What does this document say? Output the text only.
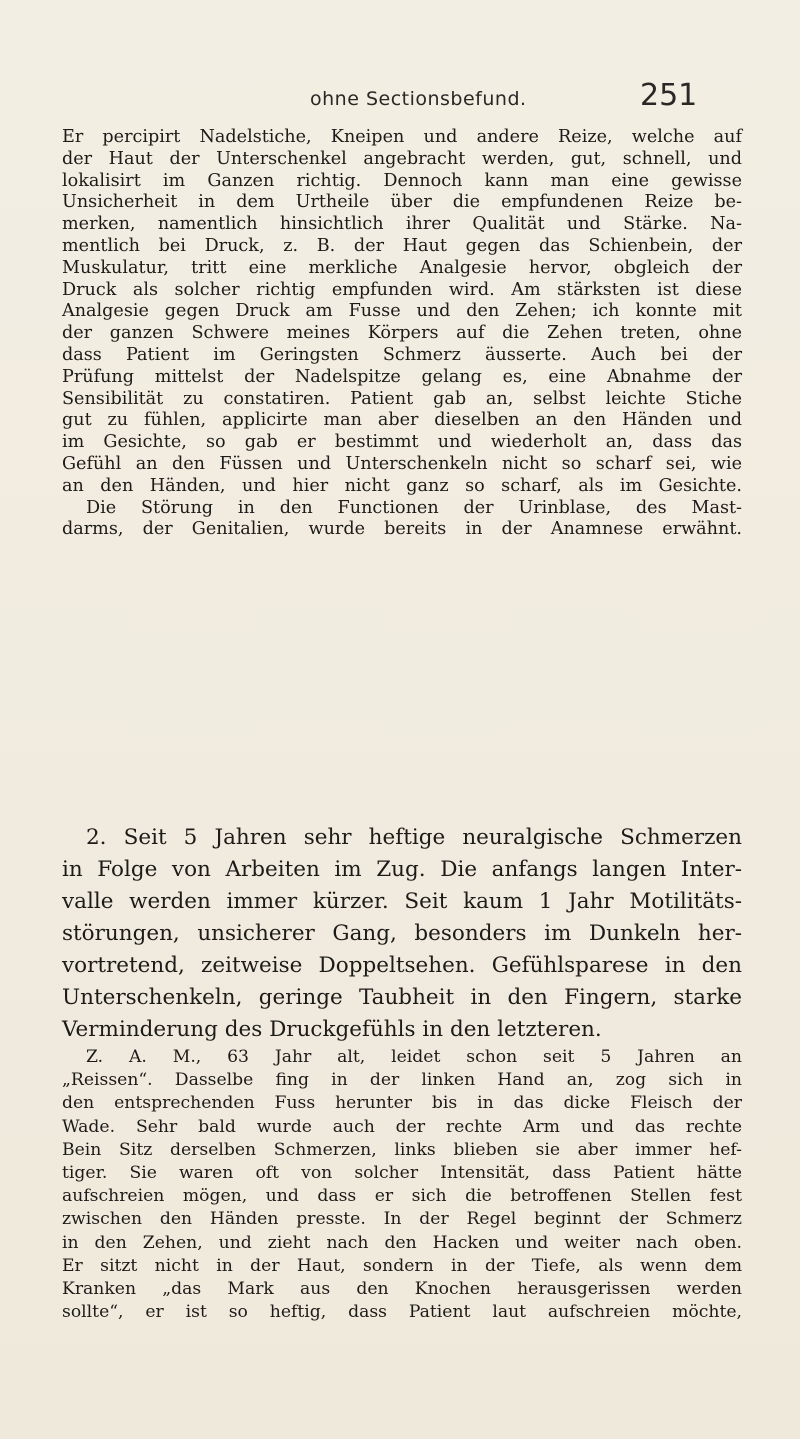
ohne Sectionsbefund.	251
Er percipirt Nadelstiche, Kneipen und andere Reize, welche auf
der Haut der Unterschenkel angebracht werden, gut, schnell, und
lokalisirt im Ganzen richtig. Dennoch kann man eine gewisse
Unsicherheit in dem Urtheile über die empfundenen Reize be-
merken, namentlich hinsichtlich ihrer Qualität und Stärke. Na-
mentlich bei Druck, z. B. der Haut gegen das Schienbein, der
Muskulatur, tritt eine merkliche Analgesie hervor, obgleich der
Druck als solcher richtig empfunden wird. Am stärksten ist diese
Analgesie gegen Druck am Fusse und den Zehen; ich konnte mit
der ganzen Schwere meines Körpers auf die Zehen treten, ohne
dass Patient im Geringsten Schmerz äusserte. Auch bei der
Prüfung mittelst der Nadelspitze gelang es, eine Abnahme der
Sensibilität zu constatiren. Patient gab an, selbst leichte Stiche
gut zu fühlen, applicirte man aber dieselben an den Händen und
im Gesichte, so gab er bestimmt und wiederholt an, dass das
Gefühl an den Füssen und Unterschenkeln nicht so scharf sei, wie
an den Händen, und hier nicht ganz so scharf, als im Gesichte.
Die Störung in den Functionen der Urinblase, des Mast-
darms, der Genitalien, wurde bereits in der Anamnese erwähnt.
2. Seit 5 Jahren sehr heftige neuralgische Schmerzen
in Folge von Arbeiten im Zug. Die anfangs langen Inter-
valle werden immer kürzer. Seit kaum 1 Jahr Motilitäts-
störungen, unsicherer Gang, besonders im Dunkeln her-
vortretend, zeitweise Doppeltsehen. Gefühlsparese in den
Unterschenkeln, geringe Taubheit in den Fingern, starke
Verminderung des Druckgefühls in den letzteren.
Z. A. M., 63 Jahr alt, leidet schon seit 5 Jahren an
„Reissen“. Dasselbe fing in der linken Hand an, zog sich in
den entsprechenden Fuss herunter bis in das dicke Fleisch der
Wade. Sehr bald wurde auch der rechte Arm und das rechte
Bein Sitz derselben Schmerzen, links blieben sie aber immer hef-
tiger. Sie waren oft von solcher Intensität, dass Patient hätte
aufschreien mögen, und dass er sich die betroffenen Stellen fest
zwischen den Händen presste. In der Regel beginnt der Schmerz
in den Zehen, und zieht nach den Hacken und weiter nach oben.
Er sitzt nicht in der Haut, sondern in der Tiefe, als wenn dem
Kranken „das Mark aus den Knochen herausgerissen werden
sollte“, er ist so heftig, dass Patient laut aufschreien möchte,
